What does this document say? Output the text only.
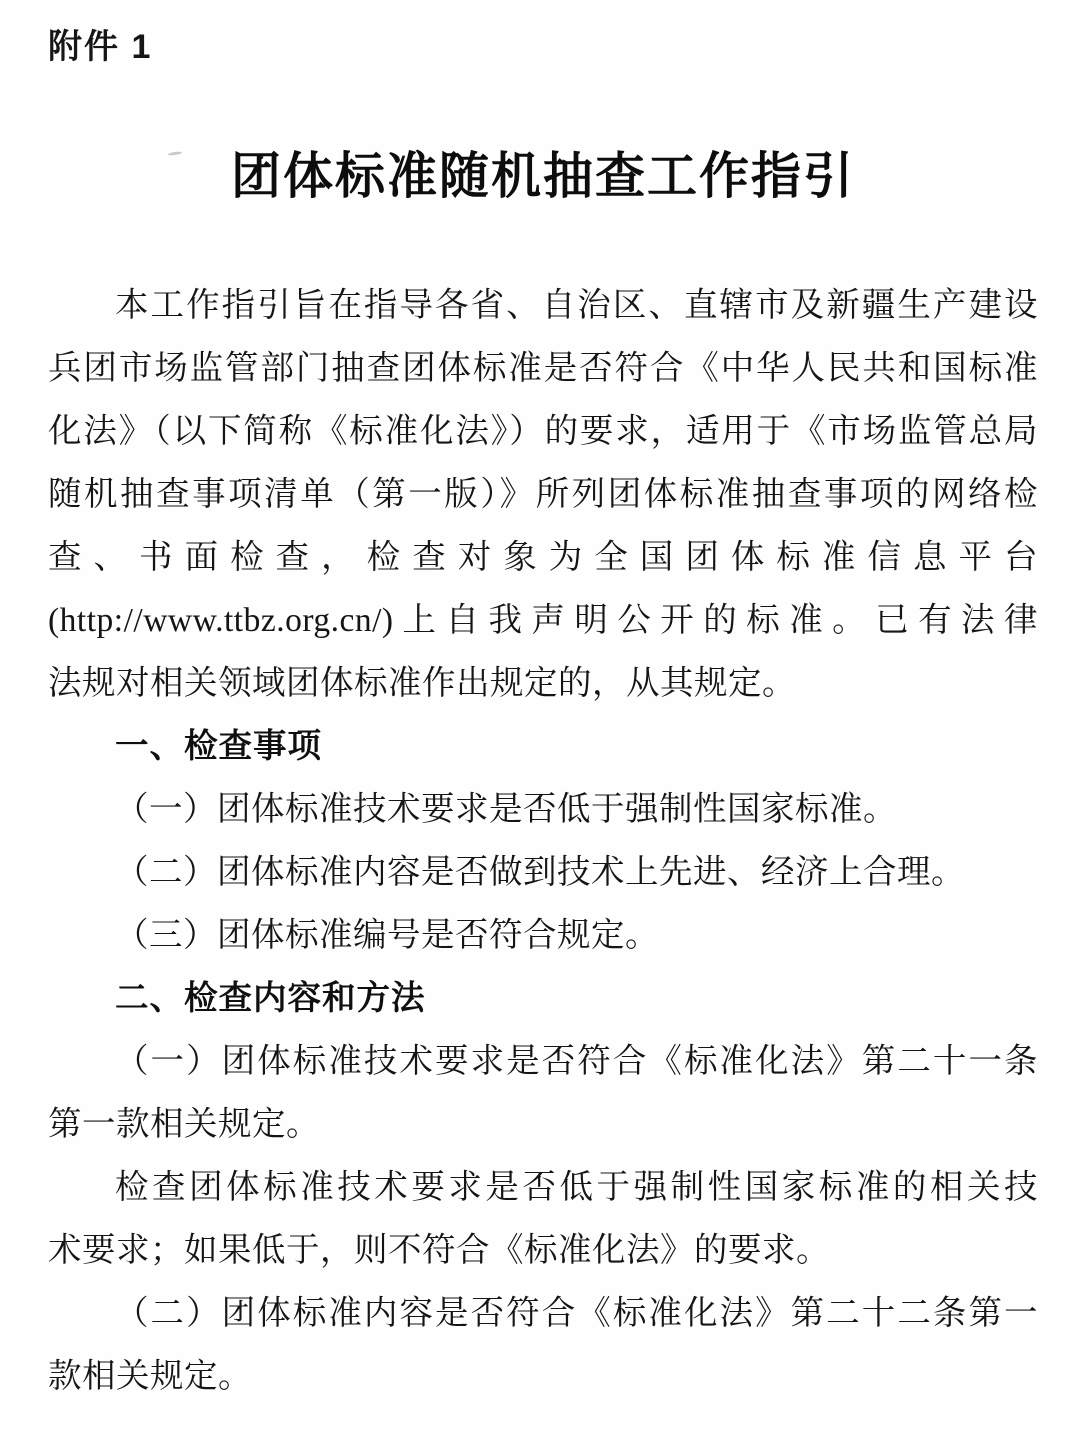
附件 1
团体标准随机抽查工作指引
本工作指引旨在指导各省、自治区、直辖市及新疆生产建设
兵团市场监管部门抽查团体标准是否符合《中华人民共和国标准
化法》（以下简称《标准化法》）的要求，适用于《市场监管总局
随机抽查事项清单（第一版）》所列团体标准抽查事项的网络检
查、书面检查，检查对象为全国团体标准信息平台
(http://www.ttbz.org.cn/)上自我声明公开的标准。已有法律
法规对相关领域团体标准作出规定的，从其规定。
一、检查事项
（一）团体标准技术要求是否低于强制性国家标准。
（二）团体标准内容是否做到技术上先进、经济上合理。
（三）团体标准编号是否符合规定。
二、检查内容和方法
（一）团体标准技术要求是否符合《标准化法》第二十一条
第一款相关规定。
检查团体标准技术要求是否低于强制性国家标准的相关技
术要求；如果低于，则不符合《标准化法》的要求。
（二）团体标准内容是否符合《标准化法》第二十二条第一
款相关规定。
